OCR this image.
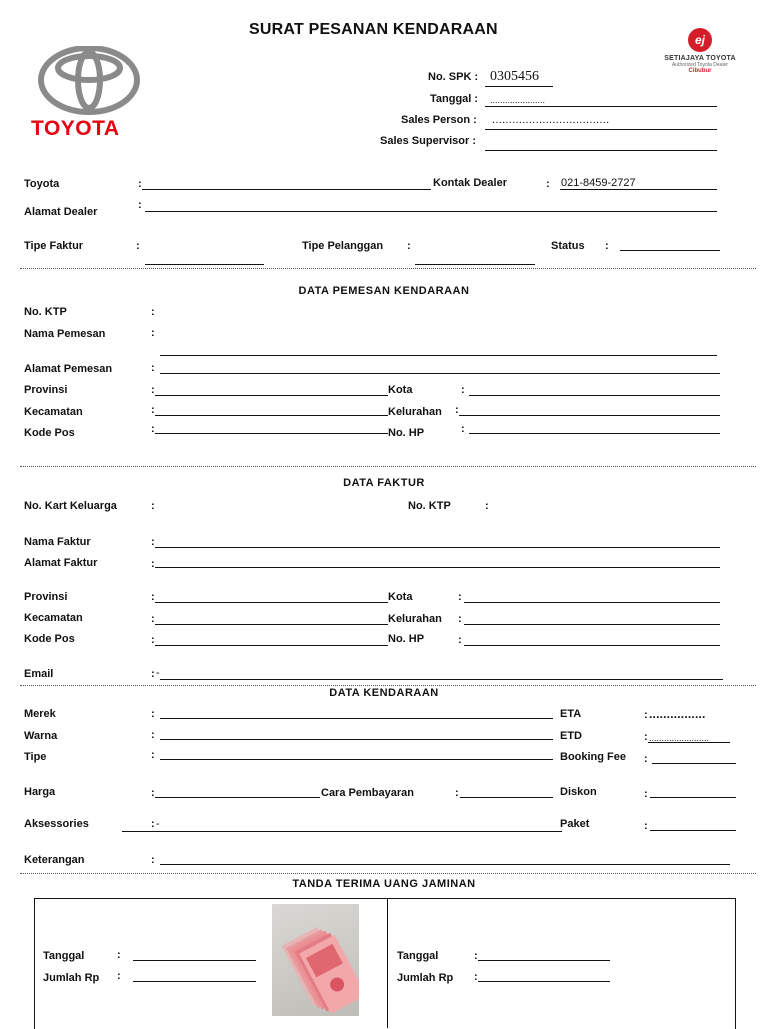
SURAT PESANAN KENDARAAN
TOYOTA
ej
SETIAJAYA TOYOTA
Authorized Toyota Dealer
Cibubur
No. SPK : 0305456
Tanggal : ......................
Sales Person : ...................................
Sales Supervisor :
Toyota	:	Kontak Dealer	: 021-8459-2727
:
Alamat Dealer
Tipe Faktur	:	Tipe Pelanggan :	Status :
DATA PEMESAN KENDARAAN
No. KTP	:
Nama Pemesan	:
Alamat Pemesan	:
Provinsi	:	Kota	:
Kecamatan	:	Kelurahan :
Kode Pos	:	No. HP	:
DATA FAKTUR
No. Kart Keluarga	:	No. KTP	:
Nama Faktur	:
Alamat Faktur	:
Provinsi	:	Kota	:
Kecamatan	:	Kelurahan :
Kode Pos	:	No. HP	:
Email	: -
DATA KENDARAAN
Merek	:	ETA	: ................
Warna	:	ETD	: ........................
Tipe	:	Booking Fee :
Harga	:	Cara Pembayaran	:	Diskon	:
Aksessories	: -	Paket	:
Keterangan	:
TANDA TERIMA UANG JAMINAN
Tanggal	:
Jumlah Rp :
Tanggal	:
Jumlah Rp :
